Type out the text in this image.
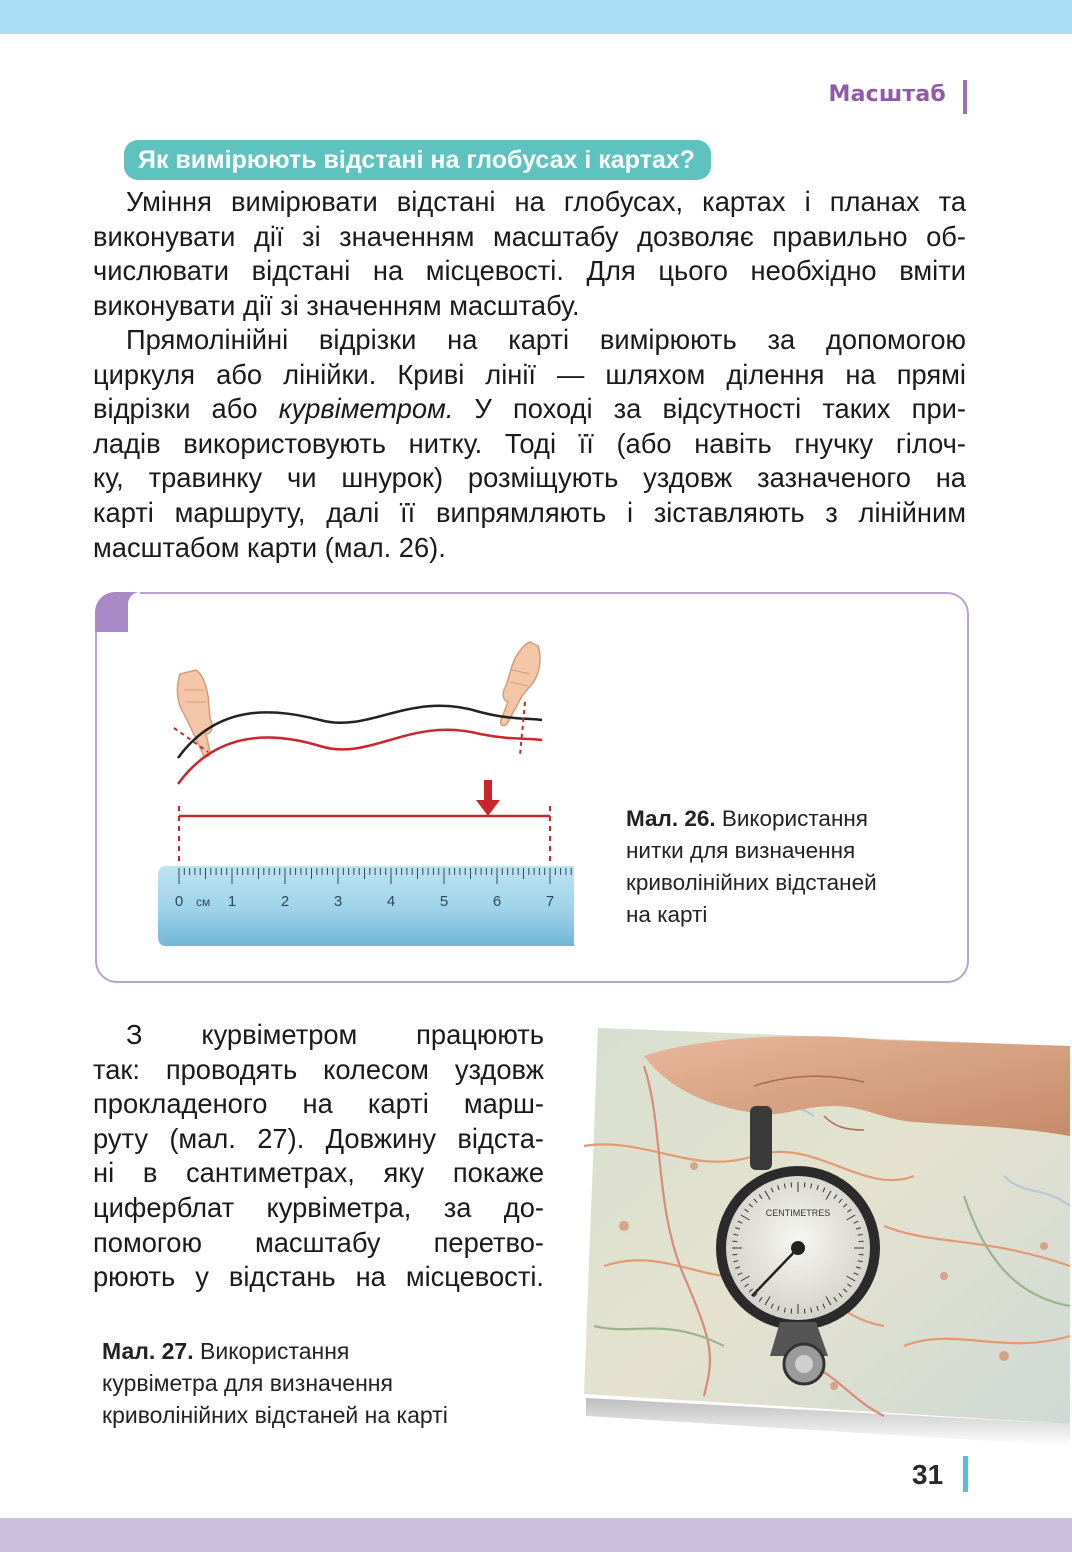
Масштаб
Як вимірюють відстані на глобусах і картах?
Уміння вимірювати відстані на глобусах, картах і планах та
виконувати дії зі значенням масштабу дозволяє правильно об-
числювати відстані на місцевості. Для цього необхідно вміти
виконувати дії зі значенням масштабу.
Прямолінійні відрізки на карті вимірюють за допомогою
циркуля або лінійки. Криві лінії — шляхом ділення на прямі
відрізки або курвіметром. У поході за відсутності таких при-
ладів використовують нитку. Тоді її (або навіть гнучку гілоч-
ку, травинку чи шнурок) розміщують уздовж зазначеного на
карті маршруту, далі її випрямляють і зіставляють з лінійним
масштабом карти (мал. 26).
см
0	1	2	3	4	5	6	7
Мал. 26. Використання
нитки для визначення
криволінійних відстаней
на карті
З курвіметром працюють
так: проводять колесом уздовж
прокладеного на карті марш-
руту (мал. 27). Довжину відста-
ні в сантиметрах, яку покаже
циферблат курвіметра, за до-
помогою масштабу перетво-
рюють у відстань на місцевості.
Мал. 27. Використання
курвіметра для визначення
криволінійних відстаней на карті
CENTIMETRES
31
